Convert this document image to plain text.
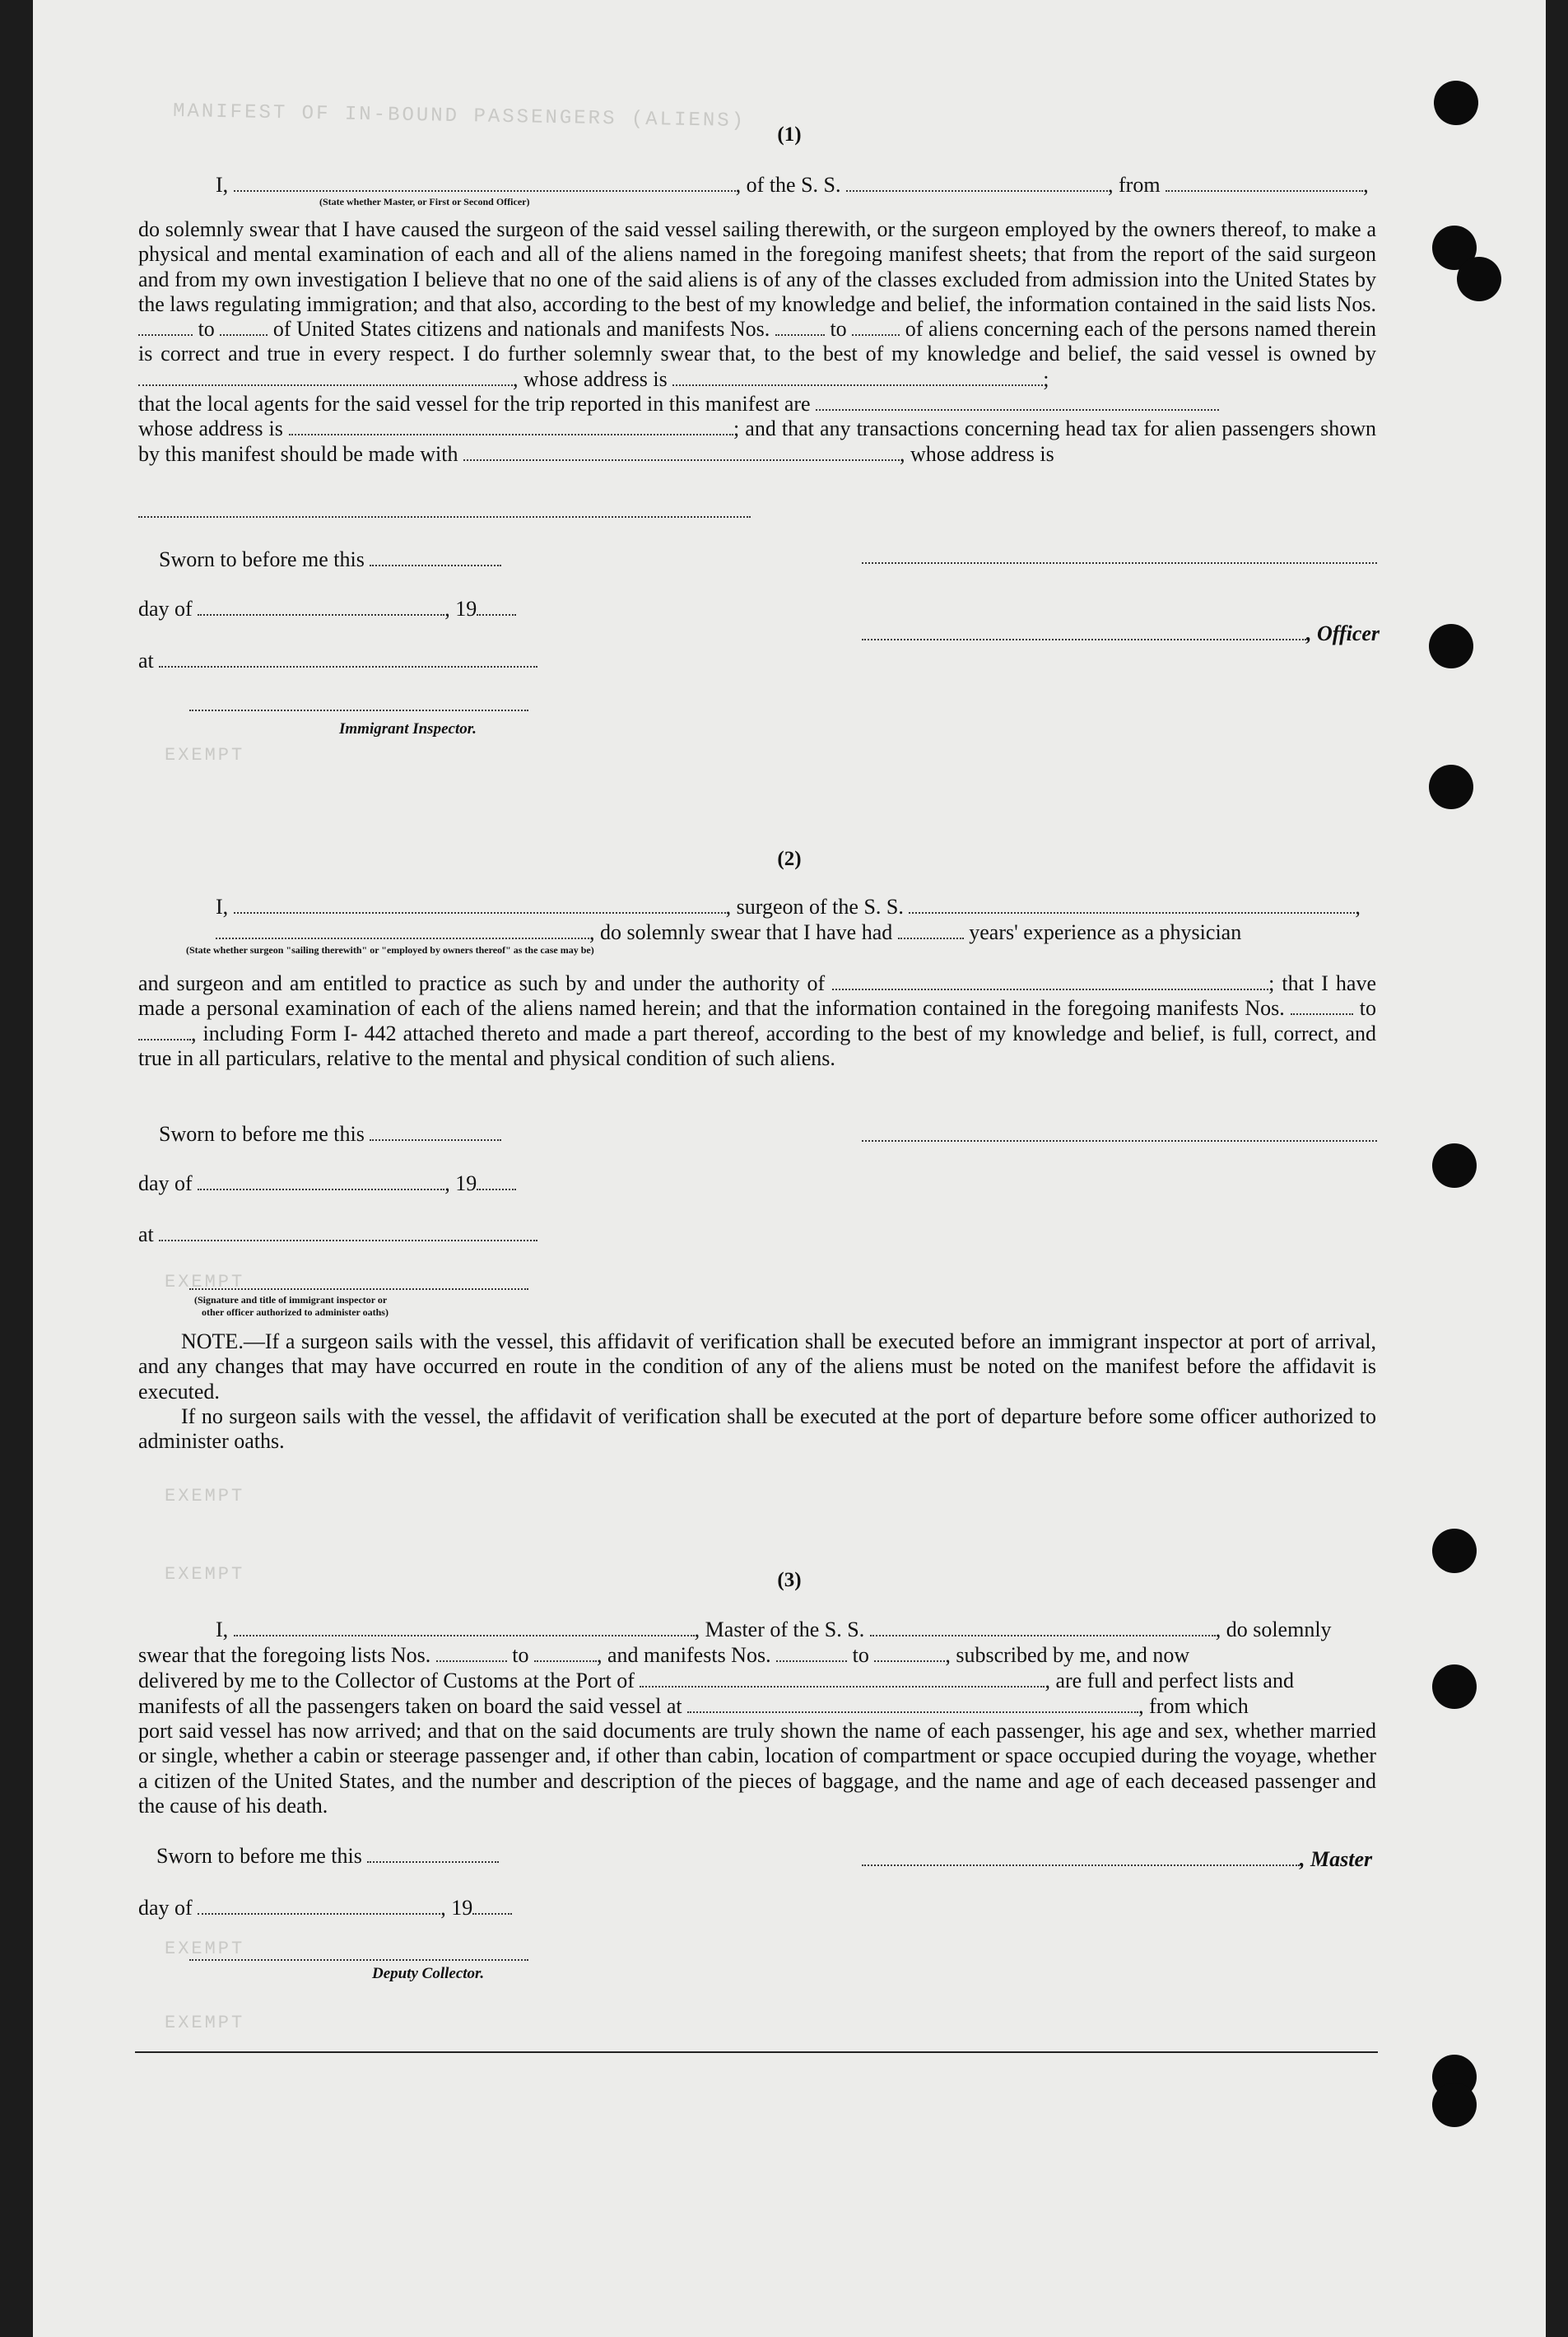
MANIFEST OF IN-BOUND PASSENGERS (ALIENS)
EXEMPT
EXEMPT
EXEMPT
EXEMPT
EXEMPT
EXEMPT
(1)
I,	, of the S. S.	, from	,
(State whether Master, or First or Second Officer)
do solemnly swear that I have caused the surgeon of the said vessel sailing therewith, or the surgeon employed by the owners thereof, to make a physical and mental examination of each and all of the aliens named in the foregoing manifest sheets; that from the report of the said surgeon and from my own investigation I believe that no one of the said aliens is of any of the classes excluded from admission into the United States by the laws regulating immigration; and that also, according to the best of my knowledge and belief, the information contained in the said lists Nos.  to	of United States citizens and nationals and manifests Nos.	to	of aliens concerning each of the persons named therein is correct and true in every respect. I do further solemnly swear that, to the best of my knowledge and belief, the said vessel is owned by , whose address is	;
that the local agents for the said vessel for the trip reported in this manifest are
whose address is	; and that any transactions concerning head tax for alien passengers shown by this manifest should be made with	, whose address is
Sworn to before me this
day of	, 19
, Officer
at
Immigrant Inspector.
(2)
I,	, surgeon of the S. S.	,
, do solemnly swear that I have had	years' experience as a physician
(State whether surgeon "sailing therewith" or "employed by owners thereof" as the case may be)
and surgeon and am entitled to practice as such by and under the authority of	; that I have made a personal examination of each of the aliens named herein; and that the information contained in the foregoing manifests Nos.	to , including Form I- 442 attached thereto and made a part thereof, according to the best of my knowledge and belief, is full, correct, and true in all particulars, relative to the mental and physical condition of such aliens.
Sworn to before me this
day of	, 19
at
(Signature and title of immigrant inspector or
other officer authorized to administer oaths)
NOTE.—If a surgeon sails with the vessel, this affidavit of verification shall be executed before an immigrant inspector at port of arrival, and any changes that may have occurred en route in the condition of any of the aliens must be noted on the manifest before the affidavit is executed.
If no surgeon sails with the vessel, the affidavit of verification shall be executed at the port of departure before some officer authorized to administer oaths.
(3)
I,	, Master of the S. S.	, do solemnly
swear that the foregoing lists Nos.	to	, and manifests Nos.	to	, subscribed by me, and now
delivered by me to the Collector of Customs at the Port of	, are full and perfect lists and
manifests of all the passengers taken on board the said vessel at	, from which
port said vessel has now arrived; and that on the said documents are truly shown the name of each passenger, his age and sex, whether married or single, whether a cabin or steerage passenger and, if other than cabin, location of compartment or space occupied during the voyage, whether a citizen of the United States, and the number and description of the pieces of baggage, and the name and age of each deceased passenger and the cause of his death.
Sworn to before me this	, Master
day of	, 19
Deputy Collector.
